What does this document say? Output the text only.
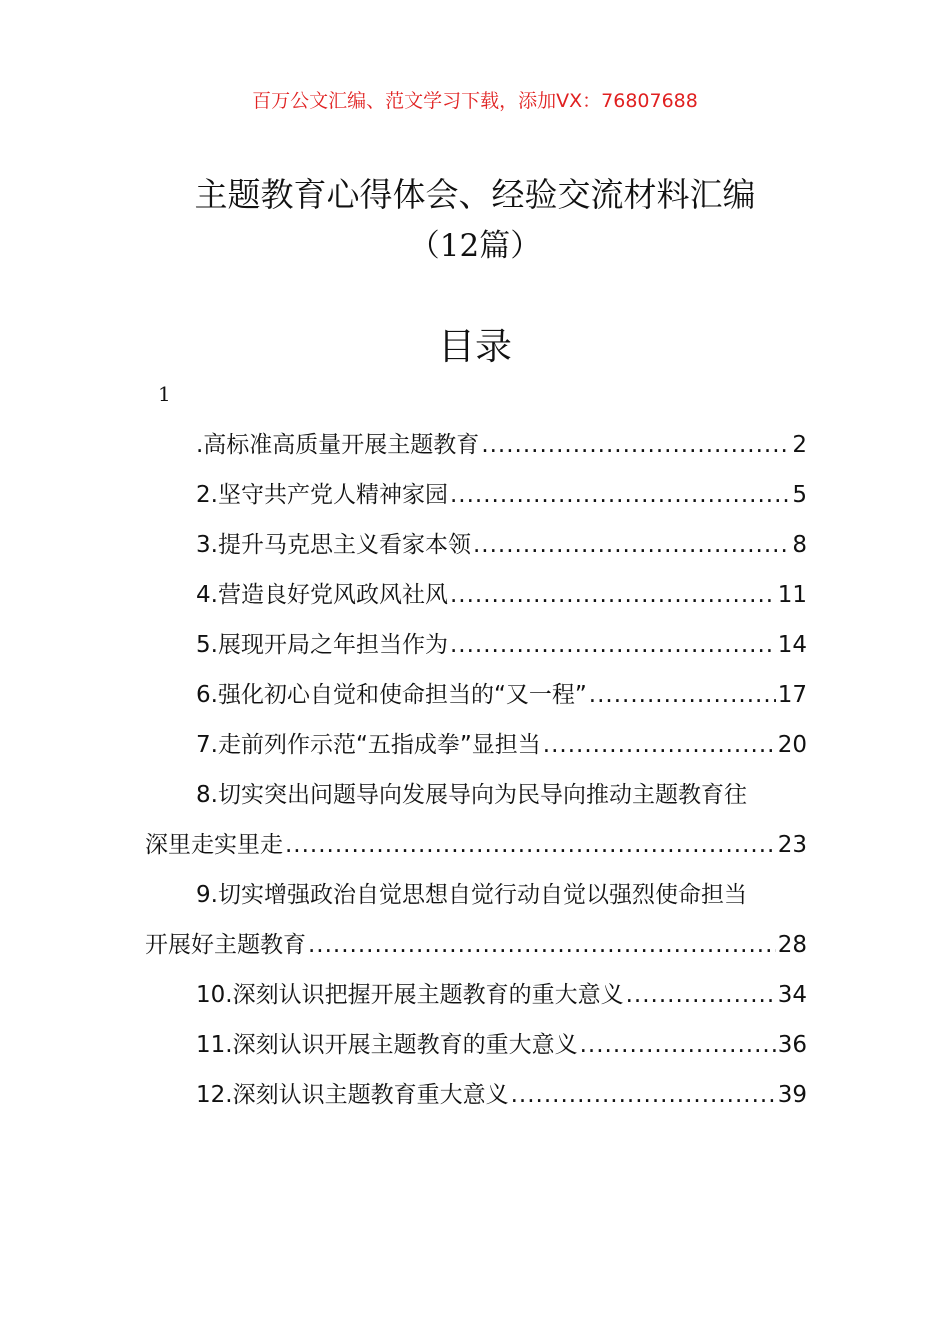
百万公文汇编、范文学习下载，添加VX：76807688
主题教育心得体会、经验交流材料汇编
（12篇）
目录
1
.高标准高质量开展主题教育 .....	2
2.坚守共产党人精神家园 .....	5
3.提升马克思主义看家本领 .....	8
4.营造良好党风政风社风 .....	11
5.展现开局之年担当作为 .....	14
6.强化初心自觉和使命担当的“又一程” .....	17
7.走前列作示范“五指成拳”显担当 .....	20
8.切实突出问题导向发展导向为民导向推动主题教育往
深里走实里走 .....	23
9.切实增强政治自觉思想自觉行动自觉以强烈使命担当
开展好主题教育 .....	28
10.深刻认识把握开展主题教育的重大意义 .....	34
11.深刻认识开展主题教育的重大意义 .....	36
12.深刻认识主题教育重大意义 .....	39
